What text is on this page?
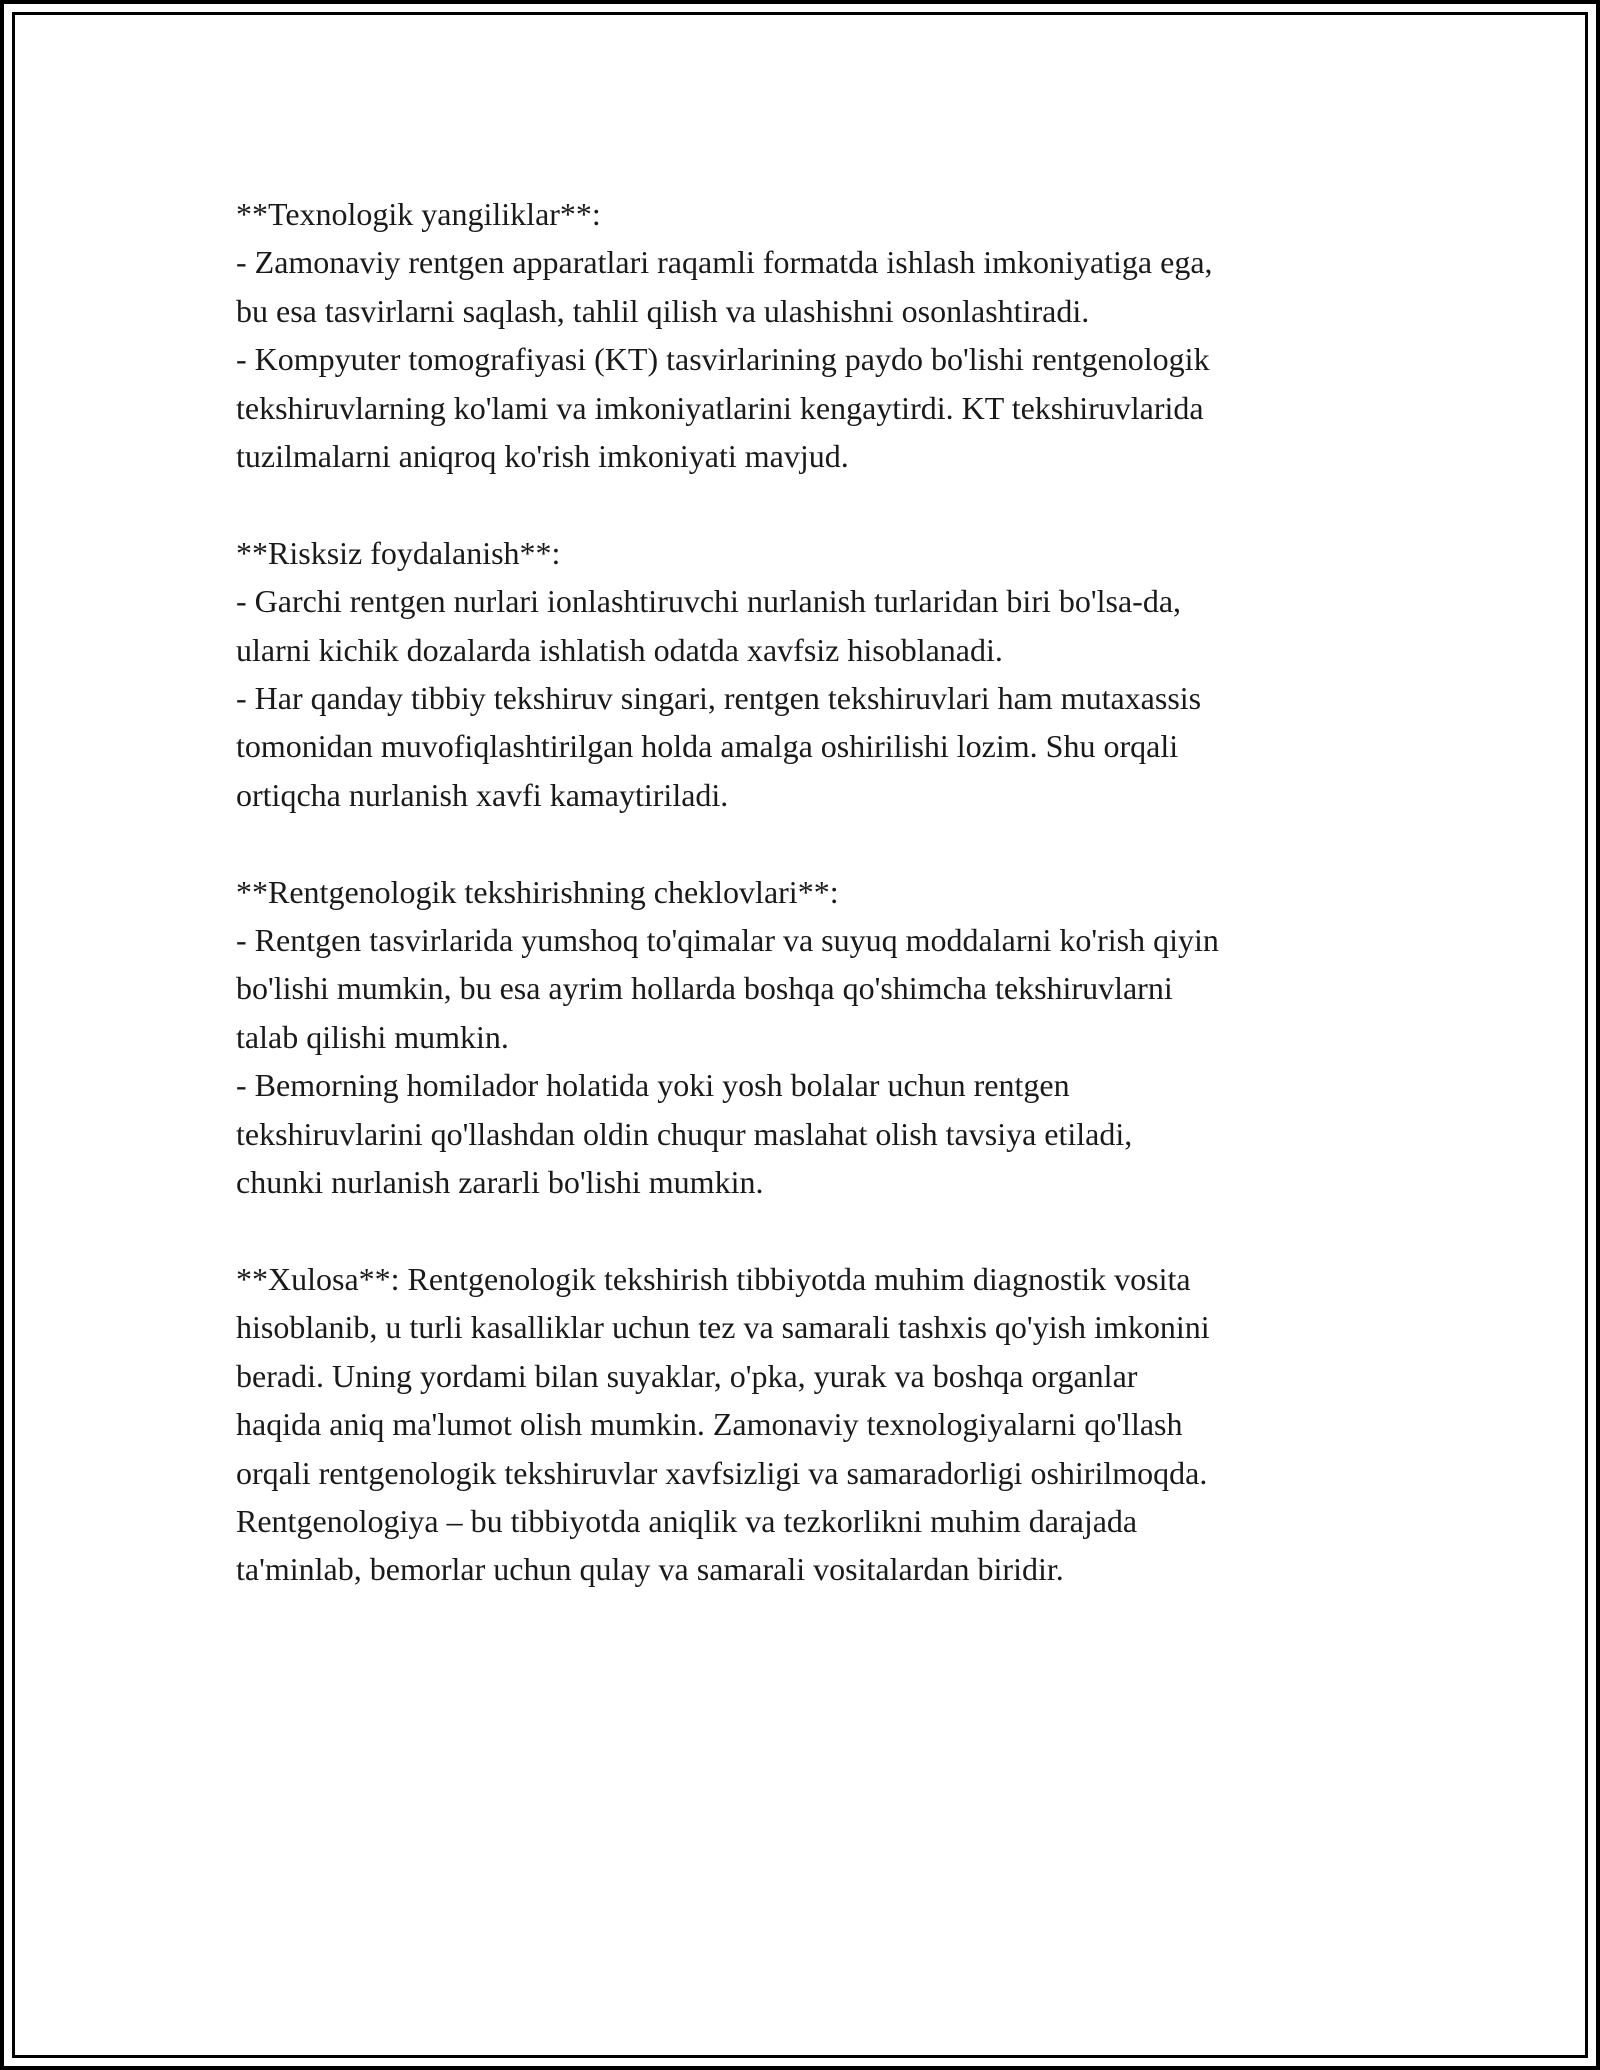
**Texnologik yangiliklar**:
- Zamonaviy rentgen apparatlari raqamli formatda ishlash imkoniyatiga ega,
bu esa tasvirlarni saqlash, tahlil qilish va ulashishni osonlashtiradi.
- Kompyuter tomografiyasi (KT) tasvirlarining paydo bo'lishi rentgenologik
tekshiruvlarning ko'lami va imkoniyatlarini kengaytirdi. KT tekshiruvlarida
tuzilmalarni aniqroq ko'rish imkoniyati mavjud.
**Risksiz foydalanish**:
- Garchi rentgen nurlari ionlashtiruvchi nurlanish turlaridan biri bo'lsa-da,
ularni kichik dozalarda ishlatish odatda xavfsiz hisoblanadi.
- Har qanday tibbiy tekshiruv singari, rentgen tekshiruvlari ham mutaxassis
tomonidan muvofiqlashtirilgan holda amalga oshirilishi lozim. Shu orqali
ortiqcha nurlanish xavfi kamaytiriladi.
**Rentgenologik tekshirishning cheklovlari**:
- Rentgen tasvirlarida yumshoq to'qimalar va suyuq moddalarni ko'rish qiyin
bo'lishi mumkin, bu esa ayrim hollarda boshqa qo'shimcha tekshiruvlarni
talab qilishi mumkin.
- Bemorning homilador holatida yoki yosh bolalar uchun rentgen
tekshiruvlarini qo'llashdan oldin chuqur maslahat olish tavsiya etiladi,
chunki nurlanish zararli bo'lishi mumkin.
**Xulosa**: Rentgenologik tekshirish tibbiyotda muhim diagnostik vosita
hisoblanib, u turli kasalliklar uchun tez va samarali tashxis qo'yish imkonini
beradi. Uning yordami bilan suyaklar, o'pka, yurak va boshqa organlar
haqida aniq ma'lumot olish mumkin. Zamonaviy texnologiyalarni qo'llash
orqali rentgenologik tekshiruvlar xavfsizligi va samaradorligi oshirilmoqda.
Rentgenologiya – bu tibbiyotda aniqlik va tezkorlikni muhim darajada
ta'minlab, bemorlar uchun qulay va samarali vositalardan biridir.
